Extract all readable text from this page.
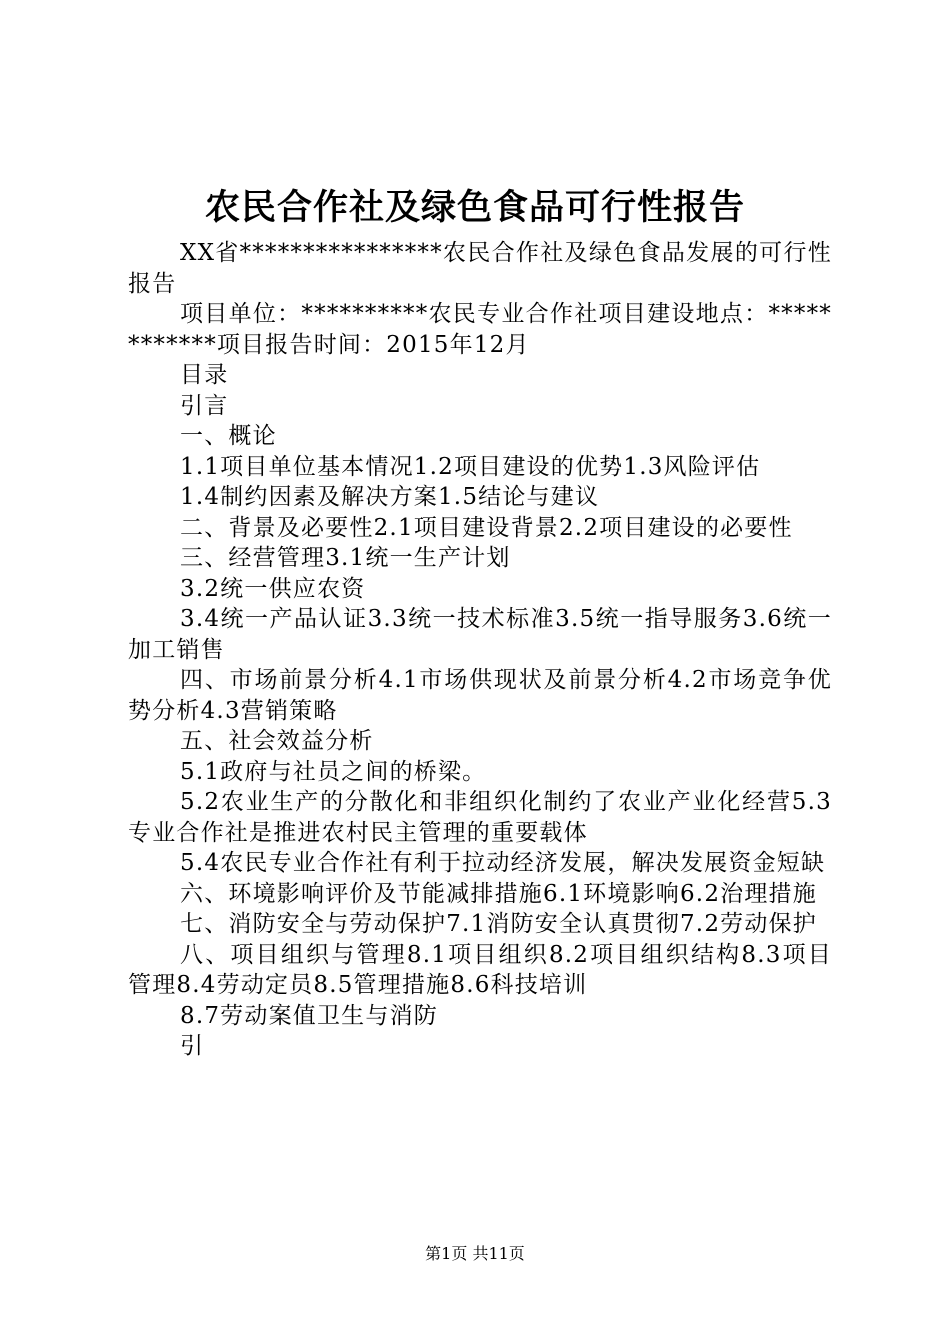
农民合作社及绿色食品可行性报告

XX省****************农民合作社及绿色食品发展的可行性报告

项目单位：**********农民专业合作社项目建设地点：************项目报告时间：2015年12月

目录

引言

一、概论

1.1项目单位基本情况1.2项目建设的优势1.3风险评估

1.4制约因素及解决方案1.5结论与建议

二、背景及必要性2.1项目建设背景2.2项目建设的必要性

三、经营管理3.1统一生产计划

3.2统一供应农资

3.4统一产品认证3.3统一技术标准3.5统一指导服务3.6统一加工销售

四、市场前景分析4.1市场供现状及前景分析4.2市场竞争优势分析4.3营销策略

五、社会效益分析

5.1政府与社员之间的桥梁。

5.2农业生产的分散化和非组织化制约了农业产业化经营5.3专业合作社是推进农村民主管理的重要载体

5.4农民专业合作社有利于拉动经济发展，解决发展资金短缺

六、环境影响评价及节能减排措施6.1环境影响6.2治理措施

七、消防安全与劳动保护7.1消防安全认真贯彻7.2劳动保护

八、项目组织与管理8.1项目组织8.2项目组织结构8.3项目管理8.4劳动定员8.5管理措施8.6科技培训

8.7劳动案值卫生与消防

引

第1页 共11页
